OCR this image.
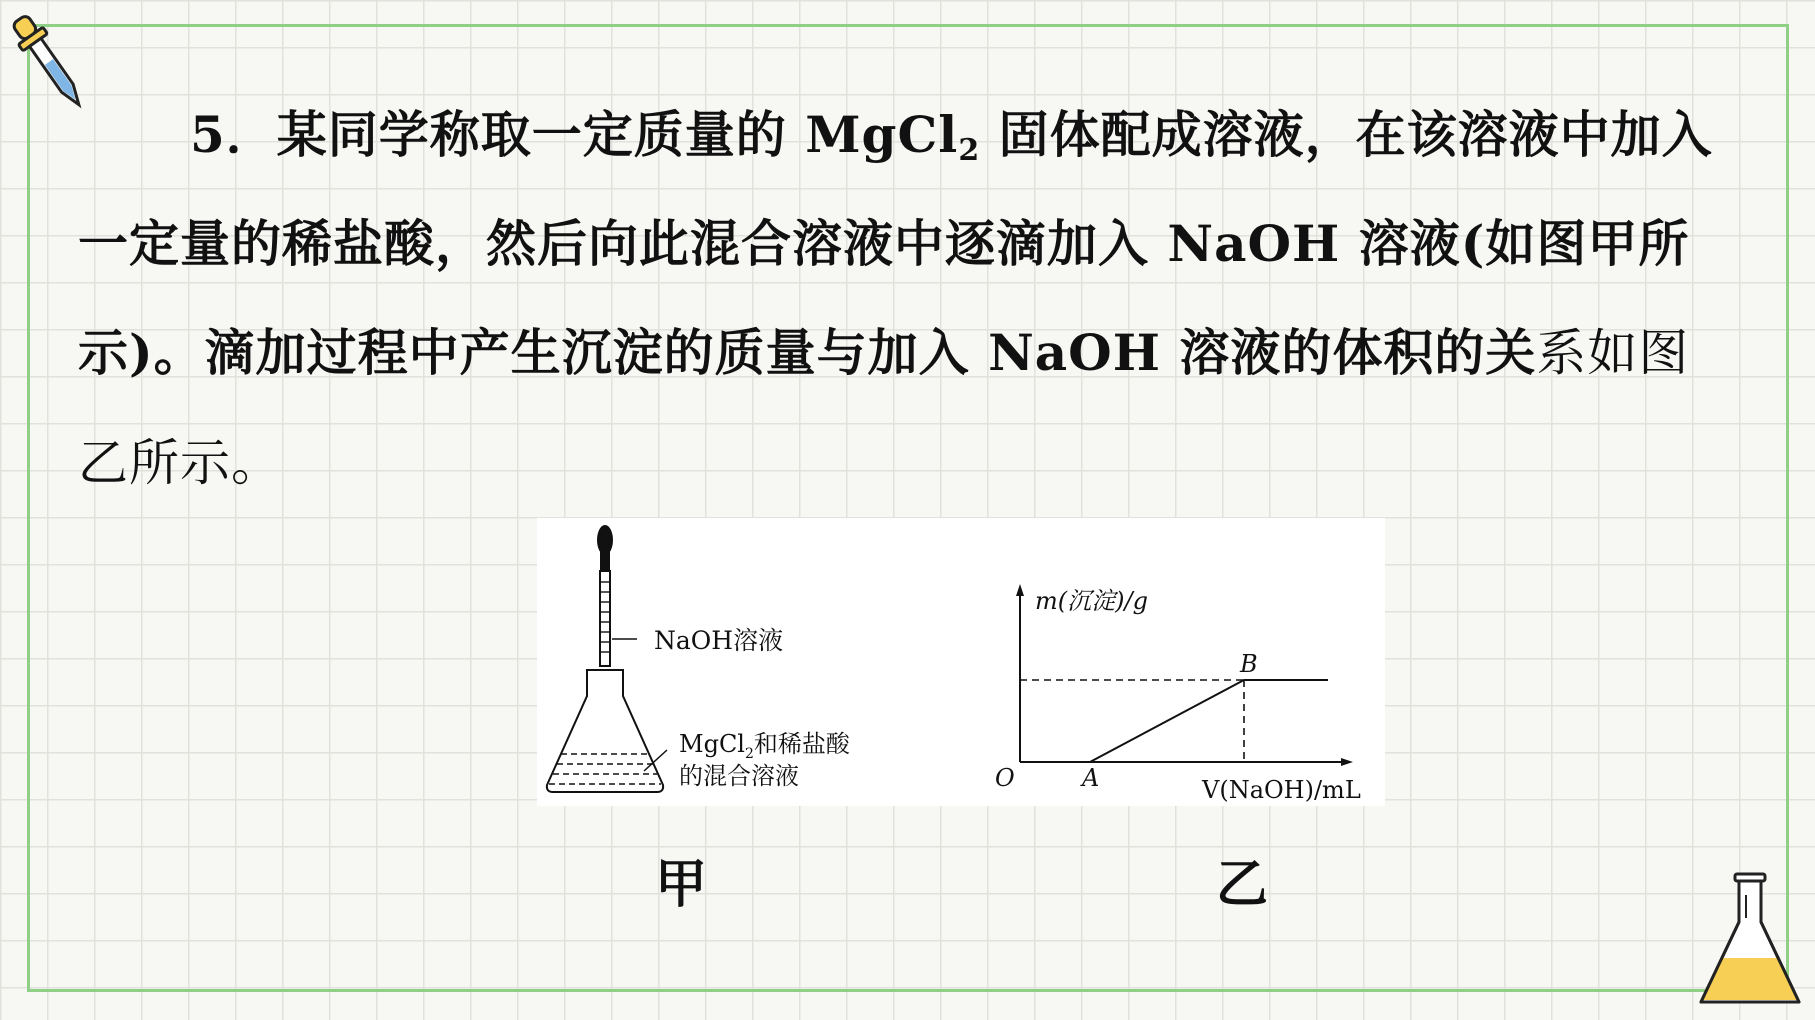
5．某同学称取一定质量的 MgCl$_2$ 固体配成溶液，在该溶液中加入一定量的稀盐酸，然后向此混合溶液中逐滴加入 NaOH 溶液(如图甲所示)。滴加过程中产生沉淀的质量与加入 NaOH 溶液的体积的关系如图乙所示。
NaOH溶液
MgCl$_2$和稀盐酸
的混合溶液
m(沉淀)/g
V(NaOH)/mL
O	A
B
甲	乙
